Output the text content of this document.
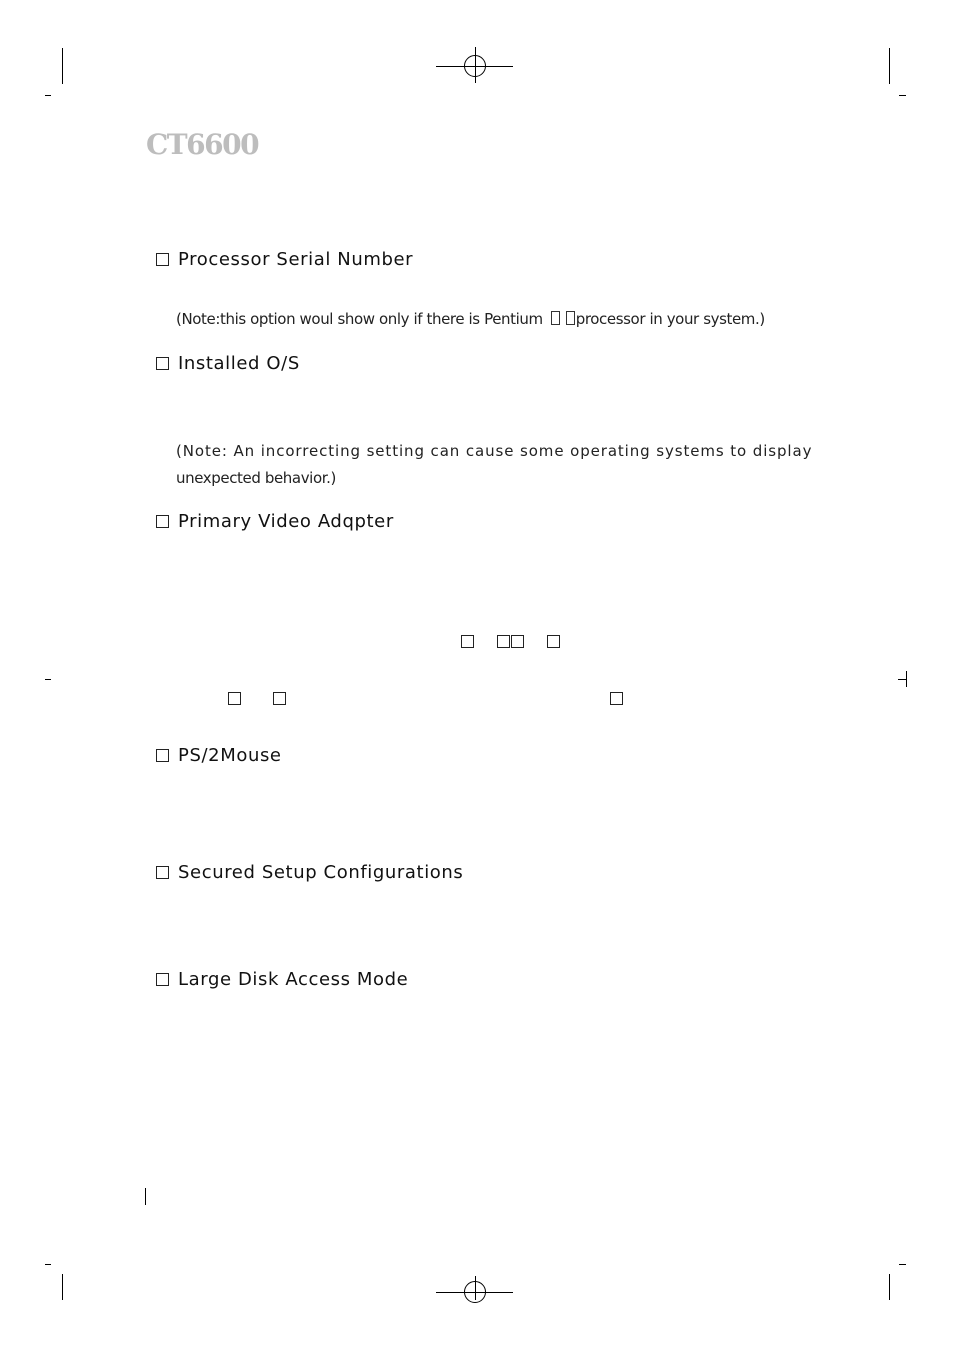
CT6600
Processor Serial Number
(Note:this option woul show only if there is Pentium processor in your system.)
Installed O/S
(Note: An incorrecting setting can cause some operating systems to display
unexpected behavior.)
Primary Video Adqpter
PS/2Mouse
Secured Setup Configurations
Large Disk Access Mode
